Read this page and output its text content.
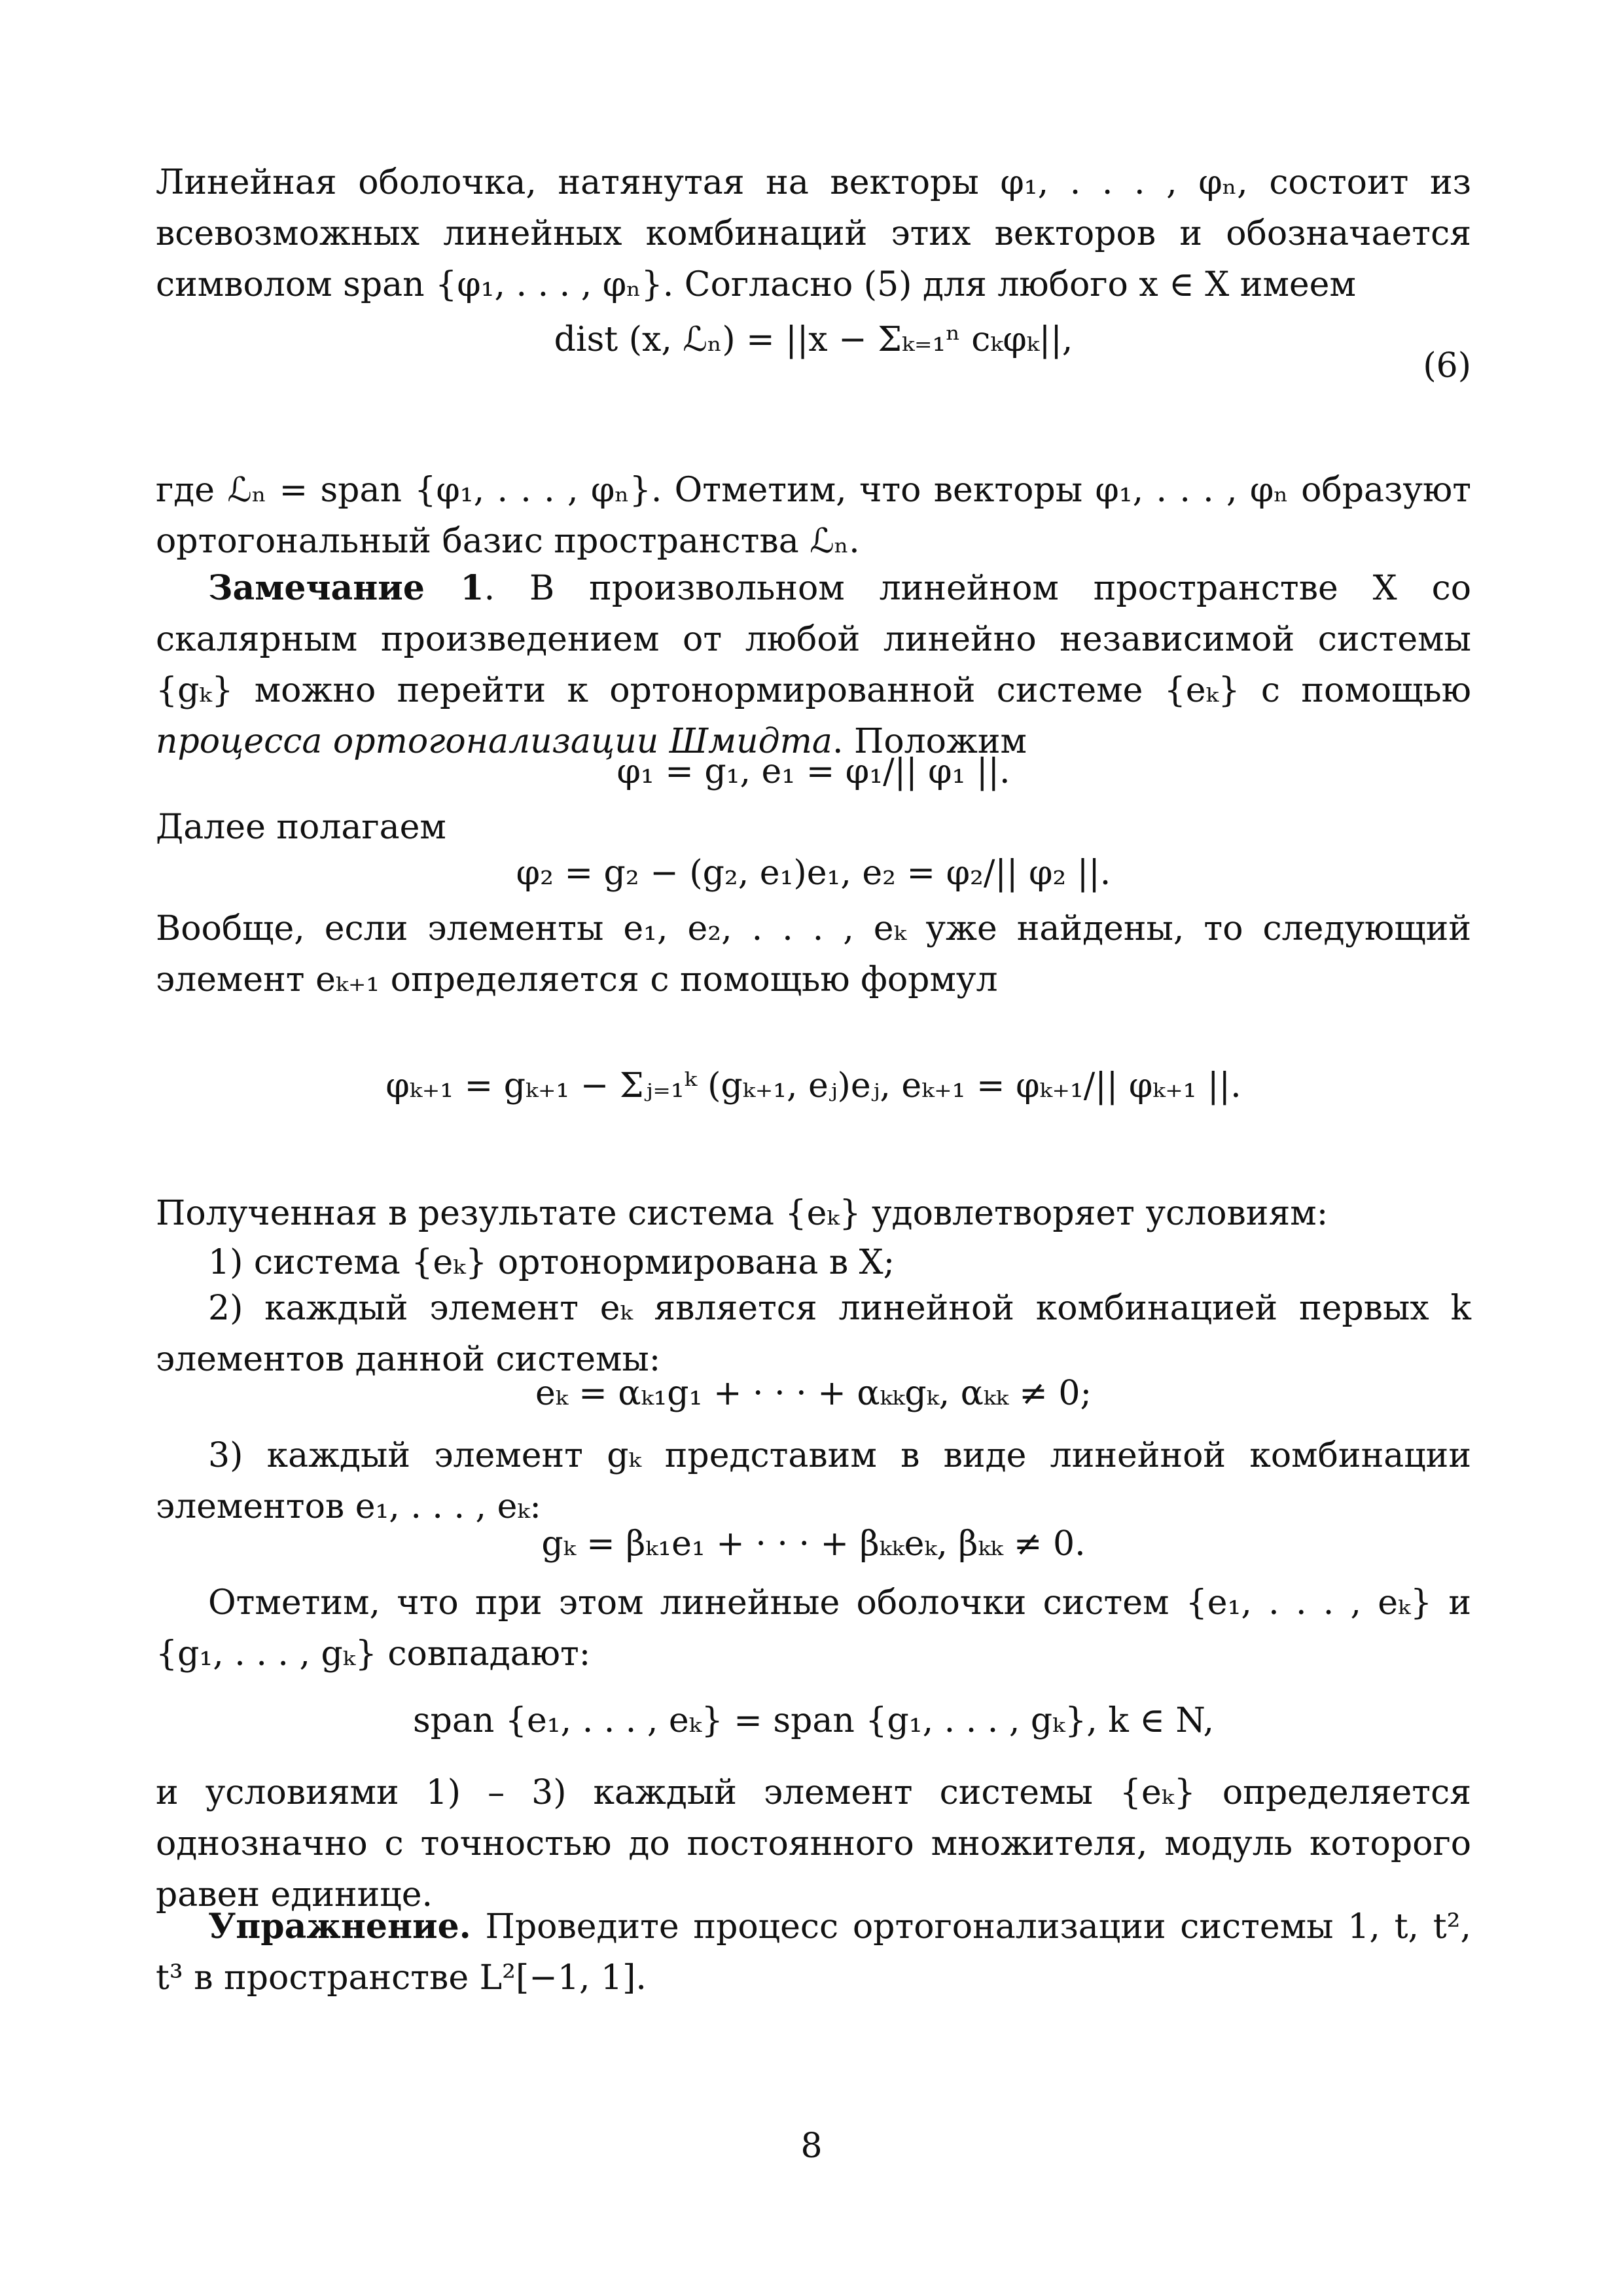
Линейная оболочка, натянутая на векторы φ₁, . . . , φₙ, состоит из всевозможных линейных комбинаций этих векторов и обозначается символом span {φ₁, . . . , φₙ}. Согласно (5) для любого x ∈ X имеем

dist (x, ℒₙ) = ||x − Σₖ₌₁ⁿ cₖφₖ||,
(6)

где ℒₙ = span {φ₁, . . . , φₙ}. Отметим, что векторы φ₁, . . . , φₙ образуют ортогональный базис пространства ℒₙ.

Замечание 1. В произвольном линейном пространстве X со скалярным произведением от любой линейно независимой системы {gₖ} можно перейти к ортонормированной системе {eₖ} с помощью процесса ортогонализации Шмидта. Положим

φ₁ = g₁, e₁ = φ₁/|| φ₁ ||.

Далее полагаем

φ₂ = g₂ − (g₂, e₁)e₁, e₂ = φ₂/|| φ₂ ||.

Вообще, если элементы e₁, e₂, . . . , eₖ уже найдены, то следующий элемент eₖ₊₁ определяется с помощью формул

φₖ₊₁ = gₖ₊₁ − Σⱼ₌₁ᵏ (gₖ₊₁, eⱼ)eⱼ, eₖ₊₁ = φₖ₊₁/|| φₖ₊₁ ||.

Полученная в результате система {eₖ} удовлетворяет условиям:

1) система {eₖ} ортонормирована в X;

2) каждый элемент eₖ является линейной комбинацией первых k элементов данной системы:

eₖ = αₖ₁g₁ + · · · + αₖₖgₖ, αₖₖ ≠ 0;

3) каждый элемент gₖ представим в виде линейной комбинации элементов e₁, . . . , eₖ:

gₖ = βₖ₁e₁ + · · · + βₖₖeₖ, βₖₖ ≠ 0.

Отметим, что при этом линейные оболочки систем {e₁, . . . , eₖ} и {g₁, . . . , gₖ} совпадают:

span {e₁, . . . , eₖ} = span {g₁, . . . , gₖ}, k ∈ N,

и условиями 1) – 3) каждый элемент системы {eₖ} определяется однозначно с точностью до постоянного множителя, модуль которого равен единице.

Упражнение. Проведите процесс ортогонализации системы 1, t, t², t³ в пространстве L²[−1, 1].

8
